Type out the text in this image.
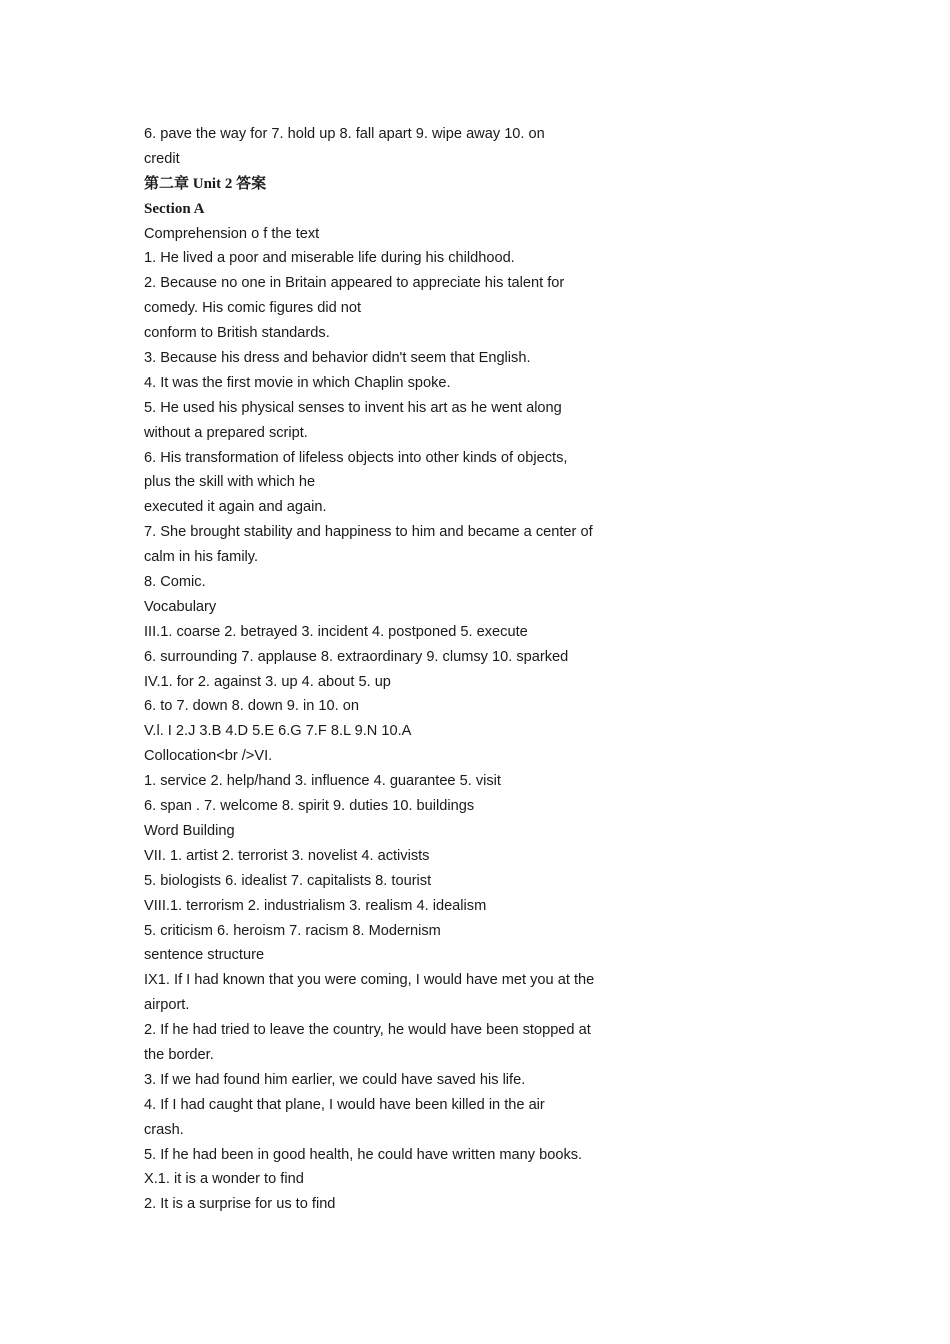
6. pave the way for 7. hold up 8. fall apart 9. wipe away 10. on
credit
第二章 Unit 2 答案
Section A
Comprehension o f the text
1. He lived a poor and miserable life during his childhood.
2. Because no one in Britain appeared to appreciate his talent for
comedy. His comic figures did not
conform to British standards.
3. Because his dress and behavior didn't seem that English.
4. It was the first movie in which Chaplin spoke.
5. He used his physical senses to invent his art as he went along
without a prepared script.
6. His transformation of lifeless objects into other kinds of objects,
plus the skill with which he
executed it again and again.
7. She brought stability and happiness to him and became a center of
calm in his family.
8. Comic.
Vocabulary
III.1. coarse 2. betrayed 3. incident 4. postponed 5. execute
6. surrounding 7. applause 8. extraordinary 9. clumsy 10. sparked
IV.1. for 2. against 3. up 4. about 5. up
6. to 7. down 8. down 9. in 10. on
V.l. I 2.J 3.B 4.D 5.E 6.G 7.F 8.L 9.N 10.A
Collocation<br />VI.
1. service 2. help/hand 3. influence 4. guarantee 5. visit
6. span . 7. welcome 8. spirit 9. duties 10. buildings
Word Building
VII. 1. artist 2. terrorist 3. novelist 4. activists
5. biologists 6. idealist 7. capitalists 8. tourist
VIII.1. terrorism 2. industrialism 3. realism 4. idealism
5. criticism 6. heroism 7. racism 8. Modernism
sentence structure
IX1. If I had known that you were coming, I would have met you at the
airport.
2. If he had tried to leave the country, he would have been stopped at
the border.
3. If we had found him earlier, we could have saved his life.
4. If I had caught that plane, I would have been killed in the air
crash.
5. If he had been in good health, he could have written many books.
X.1. it is a wonder to find
2. It is a surprise for us to find
